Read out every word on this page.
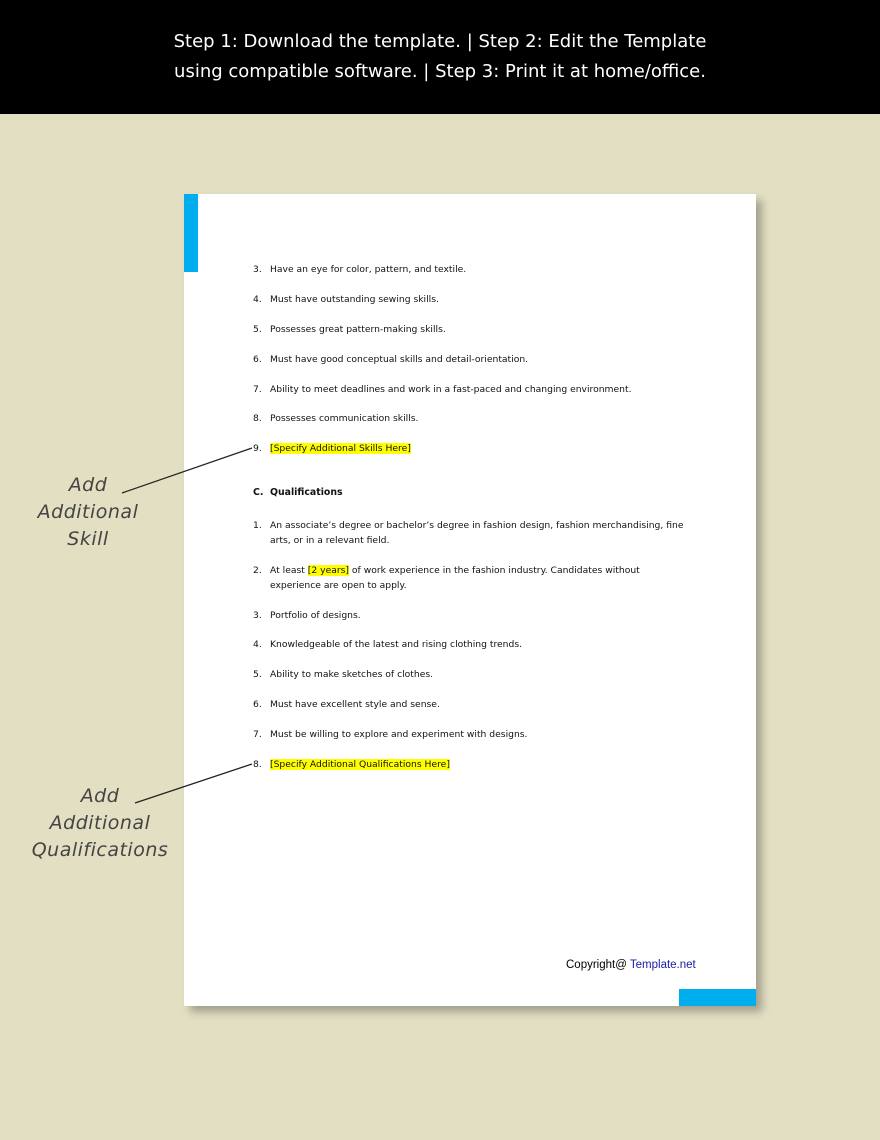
Step 1: Download the template. | Step 2: Edit the Template
using compatible software. | Step 3: Print it at home/office.
3. Have an eye for color, pattern, and textile.
4. Must have outstanding sewing skills.
5. Possesses great pattern-making skills.
6. Must have good conceptual skills and detail-orientation.
7. Ability to meet deadlines and work in a fast-paced and changing environment.
8. Possesses communication skills.
9. [Specify Additional Skills Here]
C. Qualifications
1. An associate’s degree or bachelor’s degree in fashion design, fashion merchandising, fine arts, or in a relevant field.
2. At least [2 years] of work experience in the fashion industry. Candidates without experience are open to apply.
3. Portfolio of designs.
4. Knowledgeable of the latest and rising clothing trends.
5. Ability to make sketches of clothes.
6. Must have excellent style and sense.
7. Must be willing to explore and experiment with designs.
8. [Specify Additional Qualifications Here]
Copyright@ Template.net
Add
Additional
Skill
Add
Additional
Qualifications
